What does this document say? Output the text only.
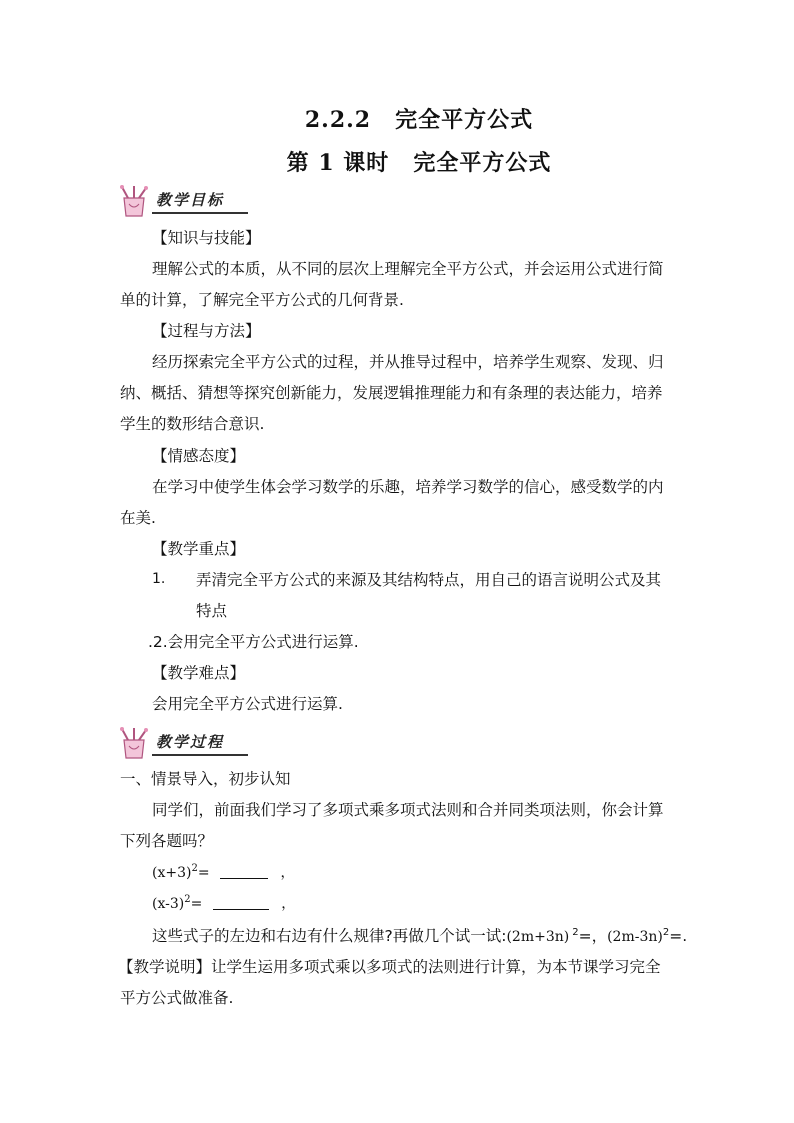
2.2.2 完全平方公式
第 1 课时 完全平方公式
教学目标
【知识与技能】
理解公式的本质，从不同的层次上理解完全平方公式，并会运用公式进行简
单的计算，了解完全平方公式的几何背景.
【过程与方法】
经历探索完全平方公式的过程，并从推导过程中，培养学生观察、发现、归
纳、概括、猜想等探究创新能力，发展逻辑推理能力和有条理的表达能力，培养
学生的数形结合意识.
【情感态度】
在学习中使学生体会学习数学的乐趣，培养学习数学的信心，感受数学的内
在美.
【教学重点】
1. 弄清完全平方公式的来源及其结构特点，用自己的语言说明公式及其
特点
.2.会用完全平方公式进行运算.
【教学难点】
会用完全平方公式进行运算.
教学过程
一、情景导入，初步认知
同学们，前面我们学习了多项式乘多项式法则和合并同类项法则，你会计算
下列各题吗？
$(x+3)^2=$	，
$(x-3)^2=$	，
这些式子的左边和右边有什么规律?再做几个试一试:(2m+3n) $^2$=，$(2m-3n)^2=$.
【教学说明】让学生运用多项式乘以多项式的法则进行计算，为本节课学习完全
平方公式做准备.
